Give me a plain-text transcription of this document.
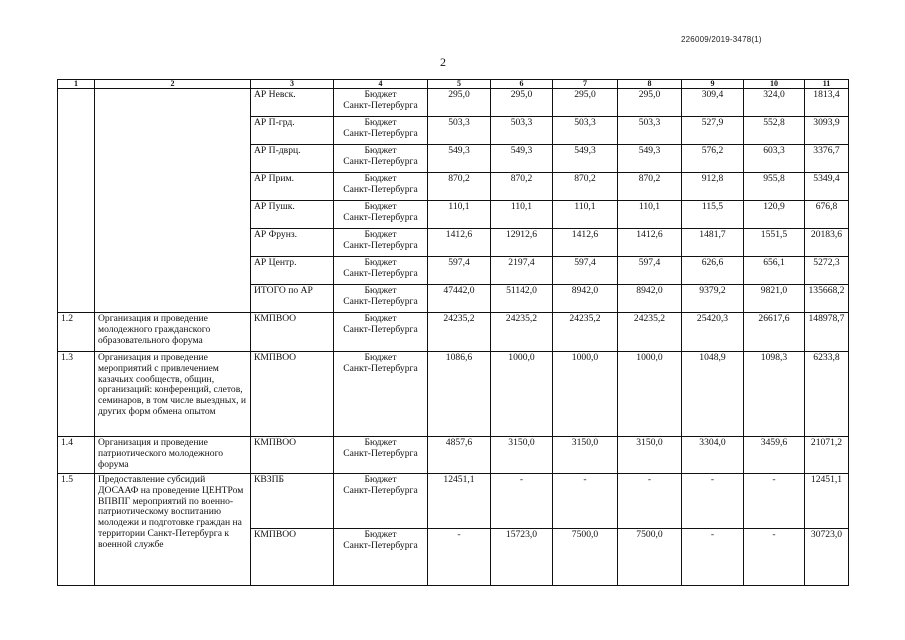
226009/2019-3478(1)
2
1	2	3	4	5	6	7	8	9	10	11
		АР Невск.	Бюджет
Санкт-Петербурга	295,0	295,0	295,0	295,0	309,4	324,0	1813,4
		АР П-грд.	Бюджет
Санкт-Петербурга	503,3	503,3	503,3	503,3	527,9	552,8	3093,9
		АР П-дврц.	Бюджет
Санкт-Петербурга	549,3	549,3	549,3	549,3	576,2	603,3	3376,7
		АР Прим.	Бюджет
Санкт-Петербурга	870,2	870,2	870,2	870,2	912,8	955,8	5349,4
		АР Пушк.	Бюджет
Санкт-Петербурга	110,1	110,1	110,1	110,1	115,5	120,9	676,8
		АР Фрунз.	Бюджет
Санкт-Петербурга	1412,6	12912,6	1412,6	1412,6	1481,7	1551,5	20183,6
		АР Центр.	Бюджет
Санкт-Петербурга	597,4	2197,4	597,4	597,4	626,6	656,1	5272,3
		ИТОГО по АР	Бюджет
Санкт-Петербурга	47442,0	51142,0	8942,0	8942,0	9379,2	9821,0	135668,2
1.2	Организация и проведение молодежного гражданского образовательного форума	КМПВОО	Бюджет
Санкт-Петербурга	24235,2	24235,2	24235,2	24235,2	25420,3	26617,6	148978,7
1.3	Организация и проведение мероприятий с привлечением казачьих сообществ, общин, организаций: конференций, слетов, семинаров, в том числе выездных, и других форм обмена опытом	КМПВОО	Бюджет
Санкт-Петербурга	1086,6	1000,0	1000,0	1000,0	1048,9	1098,3	6233,8
1.4	Организация и проведение патриотического молодежного форума	КМПВОО	Бюджет
Санкт-Петербурга	4857,6	3150,0	3150,0	3150,0	3304,0	3459,6	21071,2
1.5	Предоставление субсидий ДОСААФ на проведение ЦЕНТРом ВПВПГ мероприятий по военно-патриотическому воспитанию молодежи и подготовке граждан на территории Санкт-Петербурга к военной службе	КВЗПБ	Бюджет
Санкт-Петербурга	12451,1	-	-	-	-	-	12451,1
		КМПВОО	Бюджет
Санкт-Петербурга	-	15723,0	7500,0	7500,0	-	-	30723,0
